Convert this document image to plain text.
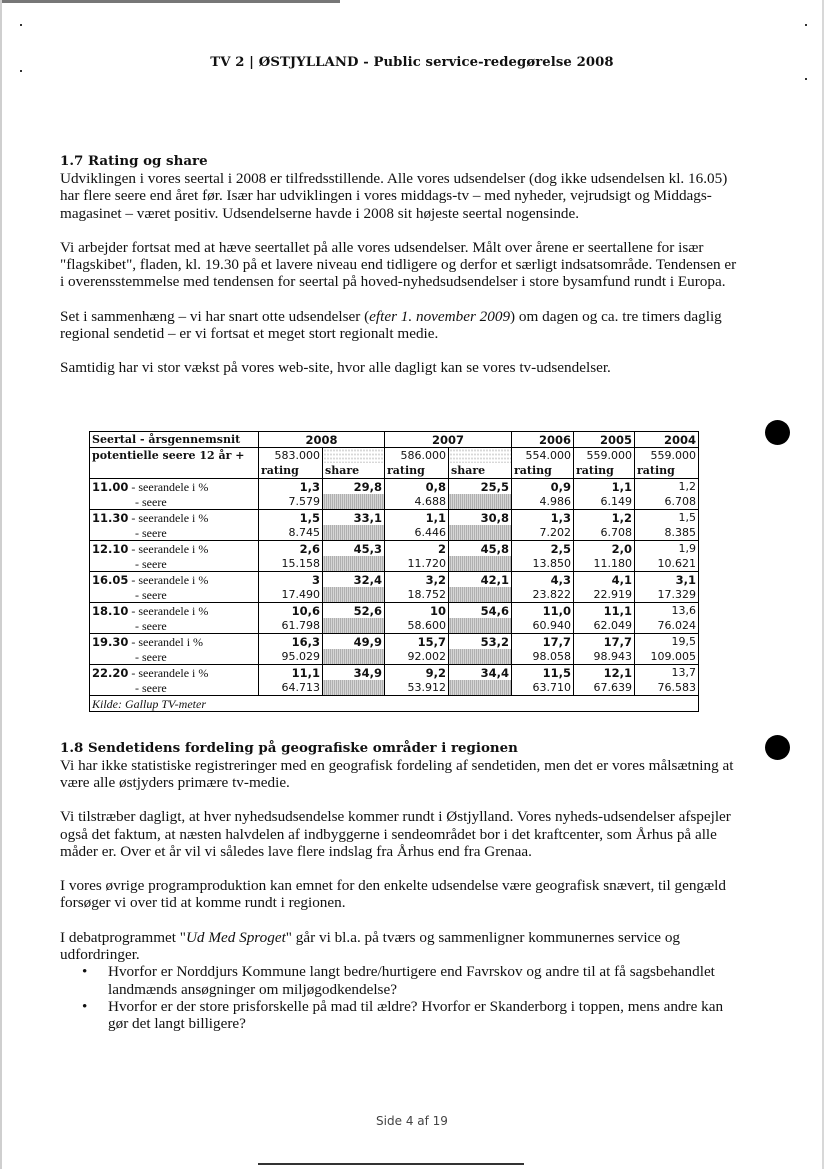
TV 2 | ØSTJYLLAND - Public service-redegørelse 2008
1.7 Rating og share

Udviklingen i vores seertal i 2008 er tilfredsstillende. Alle vores udsendelser (dog ikke udsendelsen kl. 16.05) har flere seere end året før. Især har udviklingen i vores middags-tv – med nyheder, vejrudsigt og Middags-magasinet – været positiv. Udsendelserne havde i 2008 sit højeste seertal nogensinde.

Vi arbejder fortsat med at hæve seertallet på alle vores udsendelser. Målt over årene er seertallene for især "flagskibet", fladen, kl. 19.30 på et lavere niveau end tidligere og derfor et særligt indsatsområde. Tendensen er i overensstemmelse med tendensen for seertal på hoved-nyhedsudsendelser i store bysamfund rundt i Europa.

Set i sammenhæng – vi har snart otte udsendelser (efter 1. november 2009) om dagen og ca. tre timers daglig regional sendetid – er vi fortsat et meget stort regionalt medie.

Samtidig har vi stor vækst på vores web-site, hvor alle dagligt kan se vores tv-udsendelser.

1.8 Sendetidens fordeling på geografiske områder i regionen

Vi har ikke statistiske registreringer med en geografisk fordeling af sendetiden, men det er vores målsætning at være alle østjyders primære tv-medie.

Vi tilstræber dagligt, at hver nyhedsudsendelse kommer rundt i Østjylland. Vores nyheds-udsendelser afspejler også det faktum, at næsten halvdelen af indbyggerne i sendeområdet bor i det kraftcenter, som Århus på alle måder er. Over et år vil vi således lave flere indslag fra Århus end fra Grenaa.

I vores øvrige programproduktion kan emnet for den enkelte udsendelse være geografisk snævert, til gengæld forsøger vi over tid at komme rundt i regionen.

I debatprogrammet "Ud Med Sproget" går vi bl.a. på tværs og sammenligner kommunernes service og udfordringer.

• Hvorfor er Norddjurs Kommune langt bedre/hurtigere end Favrskov og andre til at få sagsbehandlet landmænds ansøgninger om miljøgodkendelse?
• Hvorfor er der store prisforskelle på mad til ældre? Hvorfor er Skanderborg i toppen, mens andre kan gør det langt billigere?
Seertal - årsgennemsnit	2008		2007		2006	2005	2004
potentielle seere 12 år +	583.000		586.000		554.000	559.000	559.000
	rating	share	rating	share	rating	rating	rating
11.00 - seerandele i %	1,3	29,8	0,8	25,5	0,9	1,1	1,2
- seere	7.579		4.688		4.986	6.149	6.708
11.30 - seerandele i %	1,5	33,1	1,1	30,8	1,3	1,2	1,5
- seere	8.745		6.446		7.202	6.708	8.385
12.10 - seerandele i %	2,6	45,3	2	45,8	2,5	2,0	1,9
- seere	15.158		11.720		13.850	11.180	10.621
16.05 - seerandele i %	3	32,4	3,2	42,1	4,3	4,1	3,1
- seere	17.490		18.752		23.822	22.919	17.329
18.10 - seerandele i %	10,6	52,6	10	54,6	11,0	11,1	13,6
- seere	61.798		58.600		60.940	62.049	76.024
19.30 - seerandel i %	16,3	49,9	15,7	53,2	17,7	17,7	19,5
- seere	95.029		92.002		98.058	98.943	109.005
22.20 - seerandele i %	11,1	34,9	9,2	34,4	11,5	12,1	13,7
- seere	64.713		53.912		63.710	67.639	76.583
Kilde: Gallup TV-meter							
Side 4 af 19
